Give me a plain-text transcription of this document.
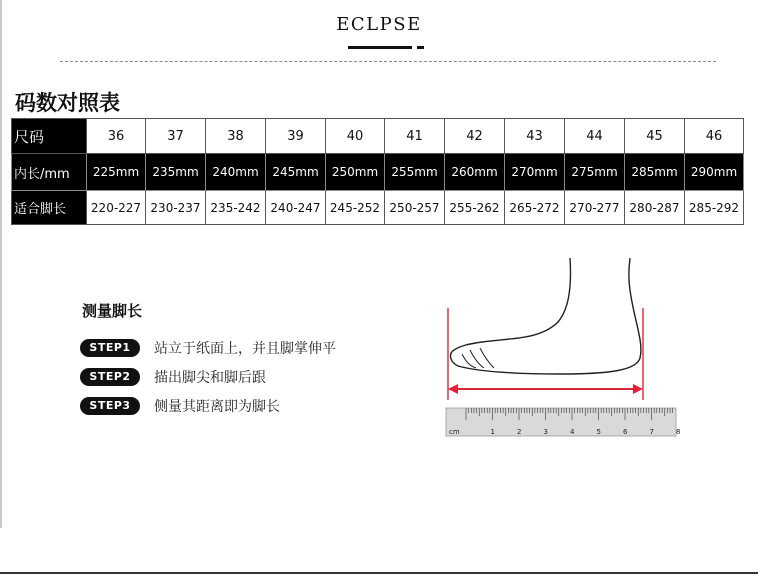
ECLPSE
码数对照表
尺码	36	37	38	39	40	41	42	43	44	45	46
内长/mm	225mm	235mm	240mm	245mm	250mm	255mm	260mm	270mm	275mm	285mm	290mm
适合脚长	220-227	230-237	235-242	240-247	245-252	250-257	255-262	265-272	270-277	280-287	285-292
测量脚长
STEP1	站立于纸面上，并且脚掌伸平
STEP2	描出脚尖和脚后跟
STEP3	侧量其距离即为脚长
cm	1	2	3	4	5	6	7	8
